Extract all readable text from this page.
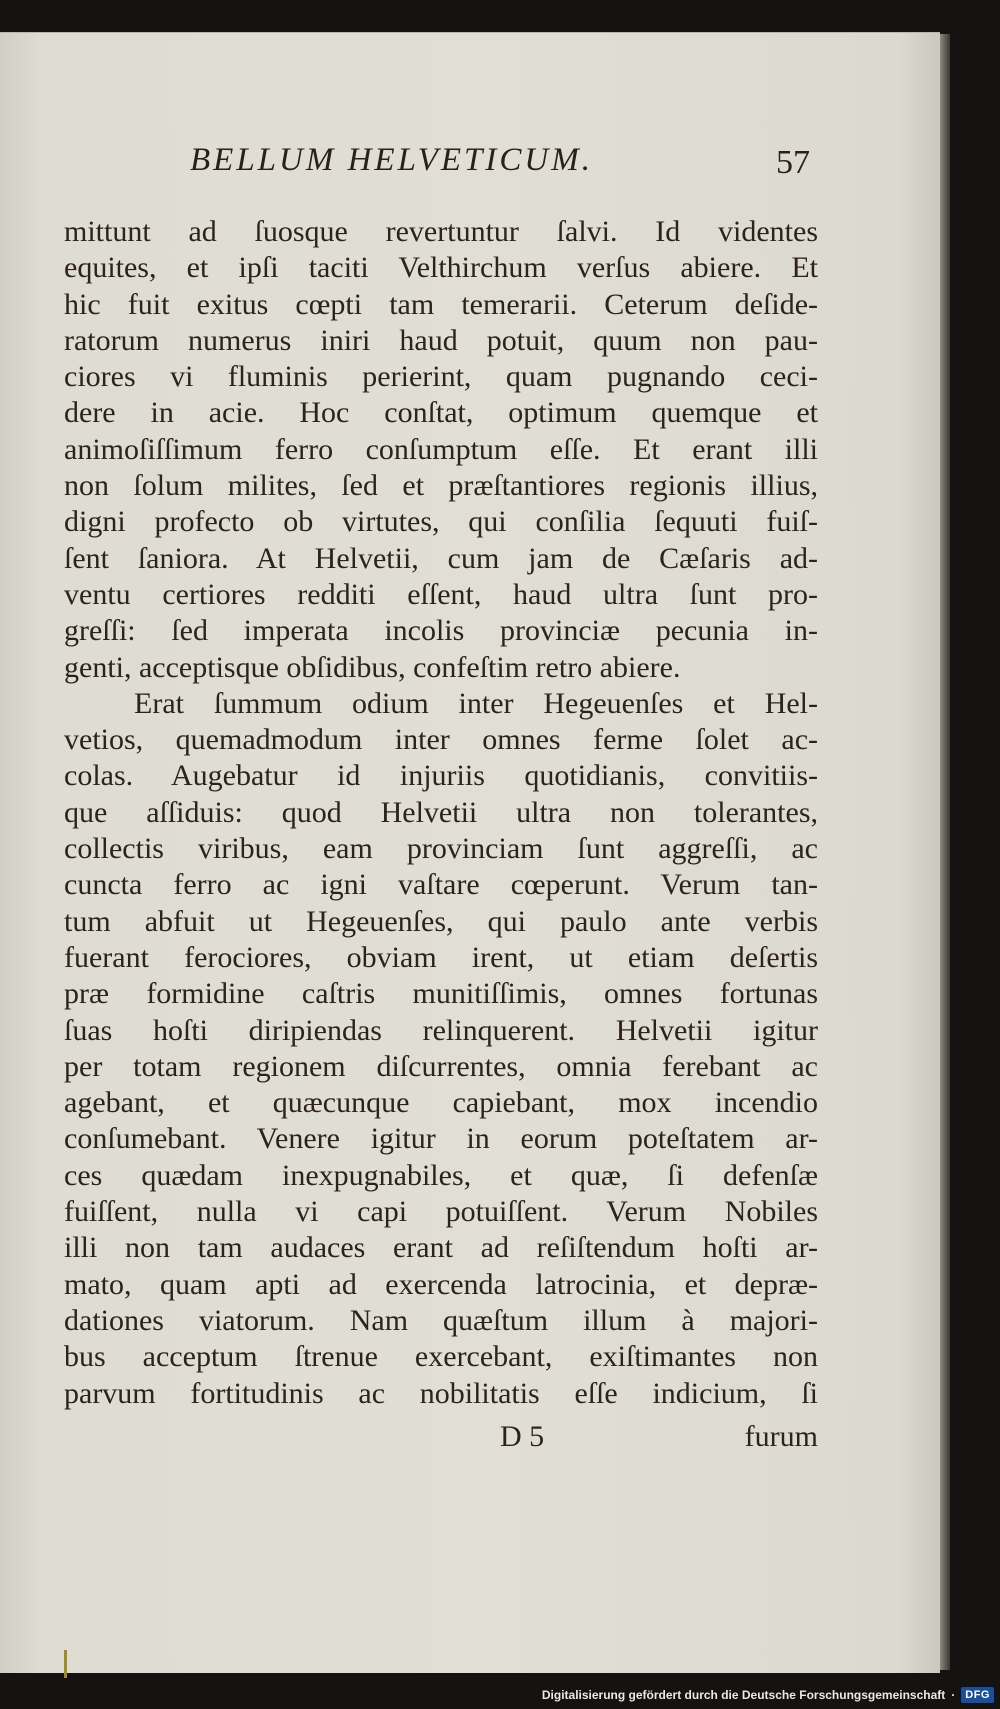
BELLUM HELVETICUM.	57
mittunt ad ſuosque revertuntur ſalvi. Id videntes
equites, et ipſi taciti Velthirchum verſus abiere. Et
hic fuit exitus cœpti tam temerarii. Ceterum deſide-
ratorum numerus iniri haud potuit, quum non pau-
ciores vi fluminis perierint, quam pugnando ceci-
dere in acie. Hoc conſtat, optimum quemque et
animoſiſſimum ferro conſumptum eſſe. Et erant illi
non ſolum milites, ſed et præſtantiores regionis illius,
digni profecto ob virtutes, qui conſilia ſequuti fuiſ-
ſent ſaniora. At Helvetii, cum jam de Cæſaris ad-
ventu certiores redditi eſſent, haud ultra ſunt pro-
greſſi: ſed imperata incolis provinciæ pecunia in-
genti, acceptisque obſidibus, confeſtim retro abiere.
Erat ſummum odium inter Hegeuenſes et Hel-
vetios, quemadmodum inter omnes ferme ſolet ac-
colas. Augebatur id injuriis quotidianis, convitiis-
que aſſiduis: quod Helvetii ultra non tolerantes,
collectis viribus, eam provinciam ſunt aggreſſi, ac
cuncta ferro ac igni vaſtare cœperunt. Verum tan-
tum abfuit ut Hegeuenſes, qui paulo ante verbis
fuerant ferociores, obviam irent, ut etiam deſertis
præ formidine caſtris munitiſſimis, omnes fortunas
ſuas hoſti diripiendas relinquerent. Helvetii igitur
per totam regionem diſcurrentes, omnia ferebant ac
agebant, et quæcunque capiebant, mox incendio
conſumebant. Venere igitur in eorum poteſtatem ar-
ces quædam inexpugnabiles, et quæ, ſi defenſæ
fuiſſent, nulla vi capi potuiſſent. Verum Nobiles
illi non tam audaces erant ad reſiſtendum hoſti ar-
mato, quam apti ad exercenda latrocinia, et depræ-
dationes viatorum. Nam quæſtum illum à majori-
bus acceptum ſtrenue exercebant, exiſtimantes non
parvum fortitudinis ac nobilitatis eſſe indicium, ſi
D 5	furum
Digitalisierung gefördert durch die Deutsche Forschungsgemeinschaft · DFG
